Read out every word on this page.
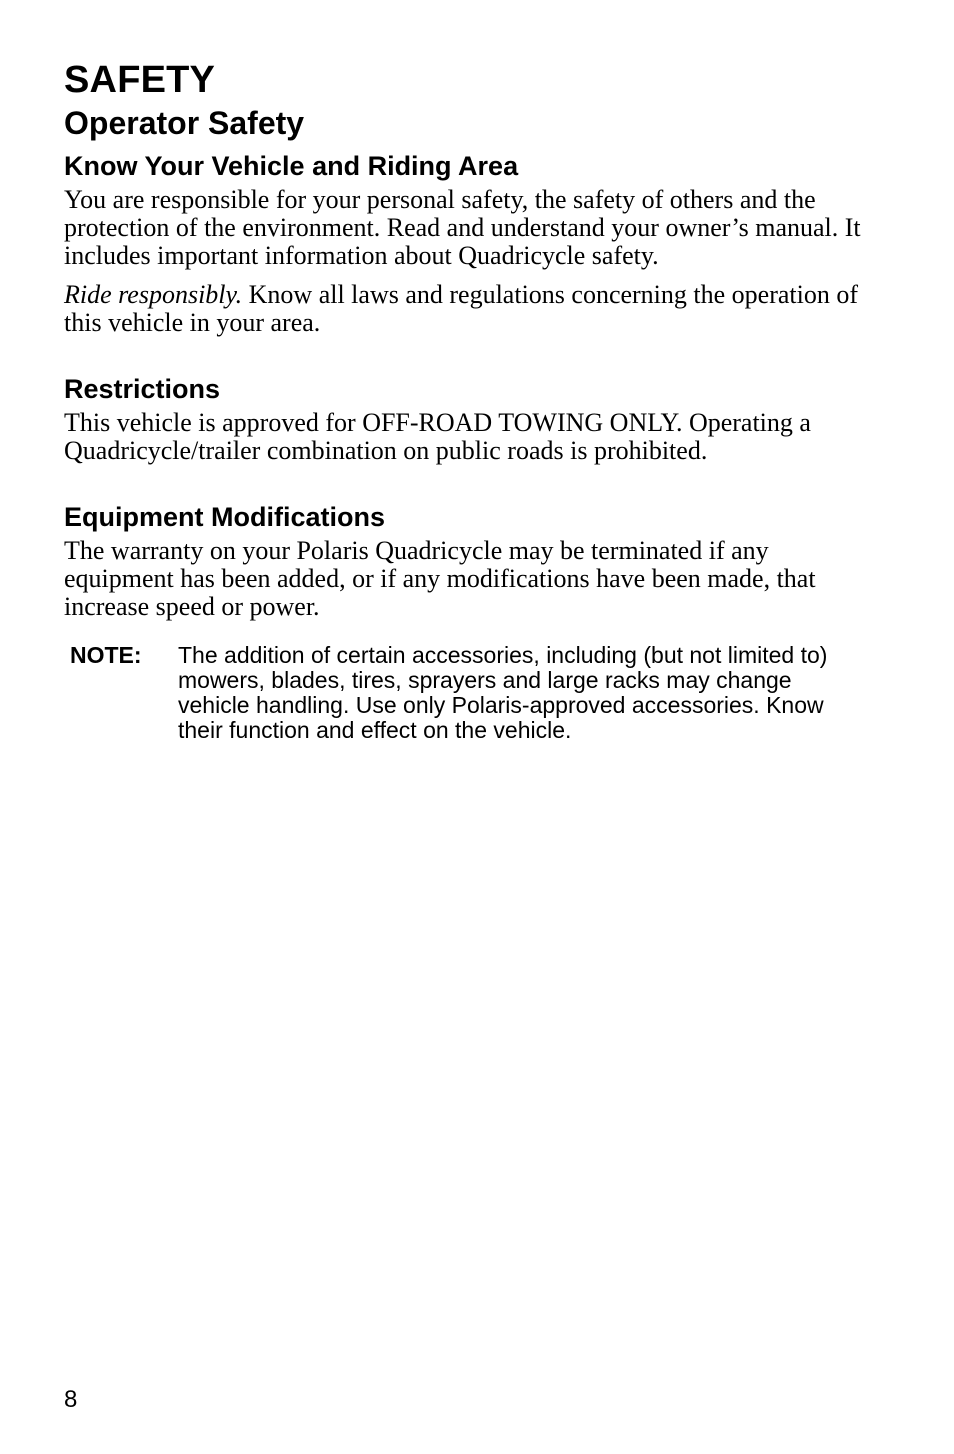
SAFETY
Operator Safety
Know Your Vehicle and Riding Area

You are responsible for your personal safety, the safety of others and the protection of the environment. Read and understand your owner’s manual. It includes important information about Quadricycle safety.

Ride responsibly. Know all laws and regulations concerning the operation of this vehicle in your area.

Restrictions

This vehicle is approved for OFF-ROAD TOWING ONLY. Operating a Quadricycle/trailer combination on public roads is prohibited.

Equipment Modifications

The warranty on your Polaris Quadricycle may be terminated if any equipment has been added, or if any modifications have been made, that increase speed or power.

NOTE:	The addition of certain accessories, including (but not limited to) mowers, blades, tires, sprayers and large racks may change vehicle handling. Use only Polaris-approved accessories. Know their function and effect on the vehicle.
8
